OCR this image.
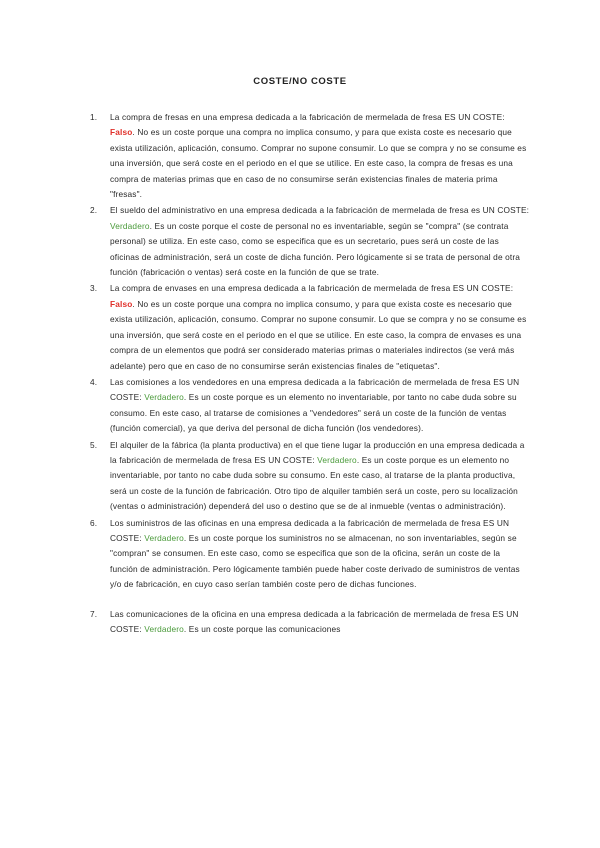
COSTE/NO COSTE
1. La compra de fresas en una empresa dedicada a la fabricación de mermelada de fresa ES UN COSTE: Falso. No es un coste porque una compra no implica consumo, y para que exista coste es necesario que exista utilización, aplicación, consumo. Comprar no supone consumir. Lo que se compra y no se consume es una inversión, que será coste en el periodo en el que se utilice. En este caso, la compra de fresas es una compra de materias primas que en caso de no consumirse serán existencias finales de materia prima "fresas".
2. El sueldo del administrativo en una empresa dedicada a la fabricación de mermelada de fresa es UN COSTE: Verdadero. Es un coste porque el coste de personal no es inventariable, según se "compra" (se contrata personal) se utiliza. En este caso, como se especifica que es un secretario, pues será un coste de las oficinas de administración, será un coste de dicha función. Pero lógicamente si se trata de personal de otra función (fabricación o ventas) será coste en la función de que se trate.
3. La compra de envases en una empresa dedicada a la fabricación de mermelada de fresa ES UN COSTE: Falso. No es un coste porque una compra no implica consumo, y para que exista coste es necesario que exista utilización, aplicación, consumo. Comprar no supone consumir. Lo que se compra y no se consume es una inversión, que será coste en el periodo en el que se utilice. En este caso, la compra de envases es una compra de un elementos que podrá ser considerado materias primas o materiales indirectos (se verá más adelante) pero que en caso de no consumirse serán existencias finales de "etiquetas".
4. Las comisiones a los vendedores en una empresa dedicada a la fabricación de mermelada de fresa ES UN COSTE: Verdadero. Es un coste porque es un elemento no inventariable, por tanto no cabe duda sobre su consumo. En este caso, al tratarse de comisiones a "vendedores" será un coste de la función de ventas (función comercial), ya que deriva del personal de dicha función (los vendedores).
5. El alquiler de la fábrica (la planta productiva) en el que tiene lugar la producción en una empresa dedicada a la fabricación de mermelada de fresa ES UN COSTE: Verdadero. Es un coste porque es un elemento no inventariable, por tanto no cabe duda sobre su consumo. En este caso, al tratarse de la planta productiva, será un coste de la función de fabricación. Otro tipo de alquiler también será un coste, pero su localización (ventas o administración) dependerá del uso o destino que se de al inmueble (ventas o administración).
6. Los suministros de las oficinas en una empresa dedicada a la fabricación de mermelada de fresa ES UN COSTE: Verdadero. Es un coste porque los suministros no se almacenan, no son inventariables, según se "compran" se consumen. En este caso, como se especifica que son de la oficina, serán un coste de la función de administración. Pero lógicamente también puede haber coste derivado de suministros de ventas y/o de fabricación, en cuyo caso serían también coste pero de dichas funciones.
7. Las comunicaciones de la oficina en una empresa dedicada a la fabricación de mermelada de fresa ES UN COSTE: Verdadero. Es un coste porque las comunicaciones
